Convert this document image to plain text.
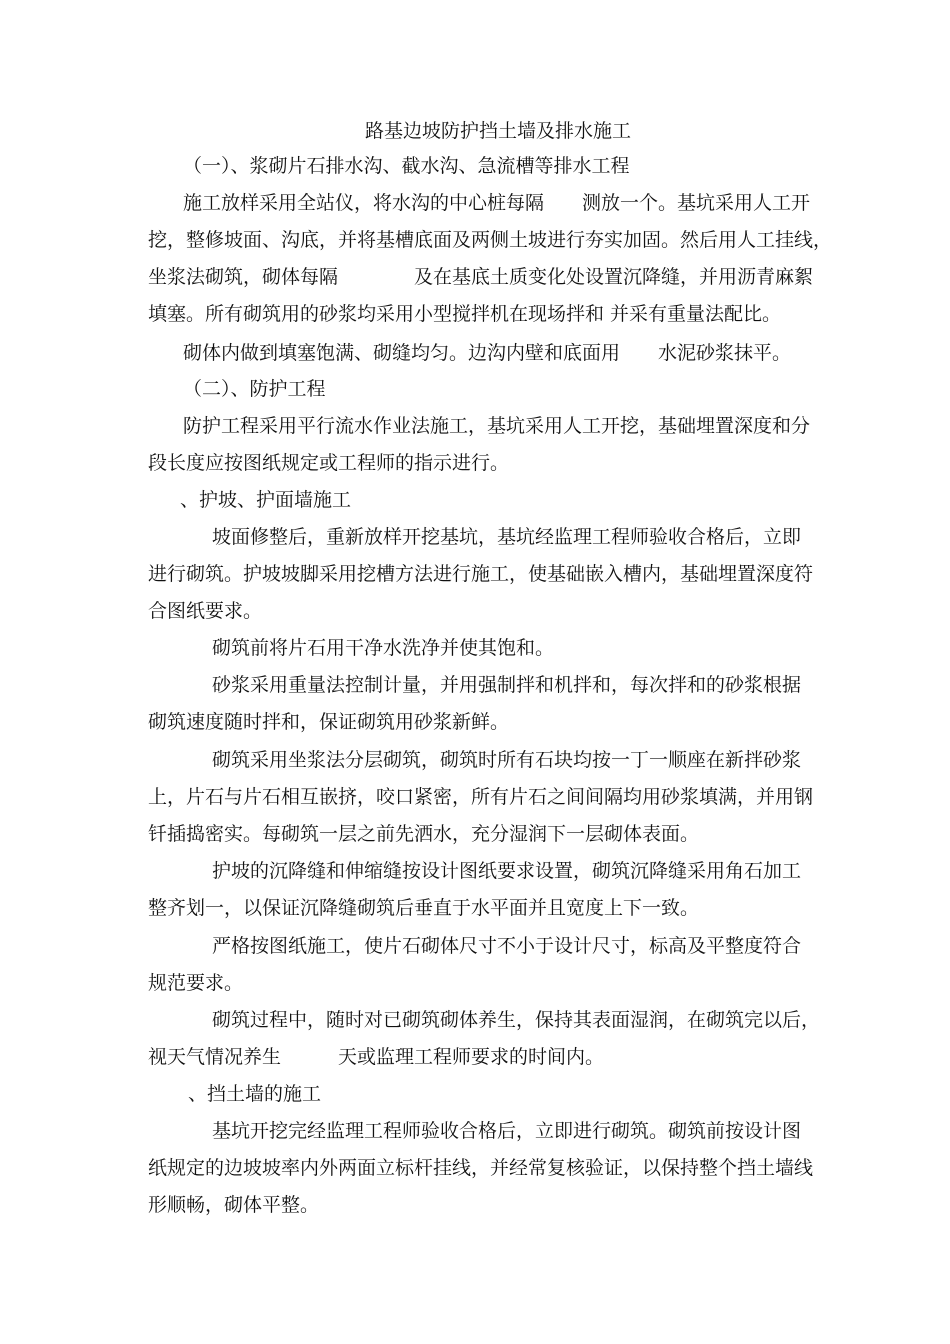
路基边坡防护挡土墙及排水施工
（一）、浆砌片石排水沟、截水沟、急流槽等排水工程
施工放样采用全站仪，将水沟的中心桩每隔　　测放一个。基坑采用人工开
挖，整修坡面、沟底，并将基槽底面及两侧土坡进行夯实加固。然后用人工挂线，
坐浆法砌筑，砌体每隔　　　　及在基底土质变化处设置沉降缝，并用沥青麻絮
填塞。所有砌筑用的砂浆均采用小型搅拌机在现场拌和 并采有重量法配比。
砌体内做到填塞饱满、砌缝均匀。边沟内壁和底面用　　水泥砂浆抹平。
（二）、防护工程
防护工程采用平行流水作业法施工，基坑采用人工开挖，基础埋置深度和分
段长度应按图纸规定或工程师的指示进行。
、护坡、护面墙施工
坡面修整后，重新放样开挖基坑，基坑经监理工程师验收合格后，立即
进行砌筑。护坡坡脚采用挖槽方法进行施工，使基础嵌入槽内，基础埋置深度符
合图纸要求。
砌筑前将片石用干净水洗净并使其饱和。
砂浆采用重量法控制计量，并用强制拌和机拌和，每次拌和的砂浆根据
砌筑速度随时拌和，保证砌筑用砂浆新鲜。
砌筑采用坐浆法分层砌筑，砌筑时所有石块均按一丁一顺座在新拌砂浆
上，片石与片石相互嵌挤，咬口紧密，所有片石之间间隔均用砂浆填满，并用钢
钎插捣密实。每砌筑一层之前先洒水，充分湿润下一层砌体表面。
护坡的沉降缝和伸缩缝按设计图纸要求设置，砌筑沉降缝采用角石加工
整齐划一，以保证沉降缝砌筑后垂直于水平面并且宽度上下一致。
严格按图纸施工，使片石砌体尺寸不小于设计尺寸，标高及平整度符合
规范要求。
砌筑过程中，随时对已砌筑砌体养生，保持其表面湿润，在砌筑完以后，
视天气情况养生　　　天或监理工程师要求的时间内。
、挡土墙的施工
基坑开挖完经监理工程师验收合格后，立即进行砌筑。砌筑前按设计图
纸规定的边坡坡率内外两面立标杆挂线，并经常复核验证，以保持整个挡土墙线
形顺畅，砌体平整。
